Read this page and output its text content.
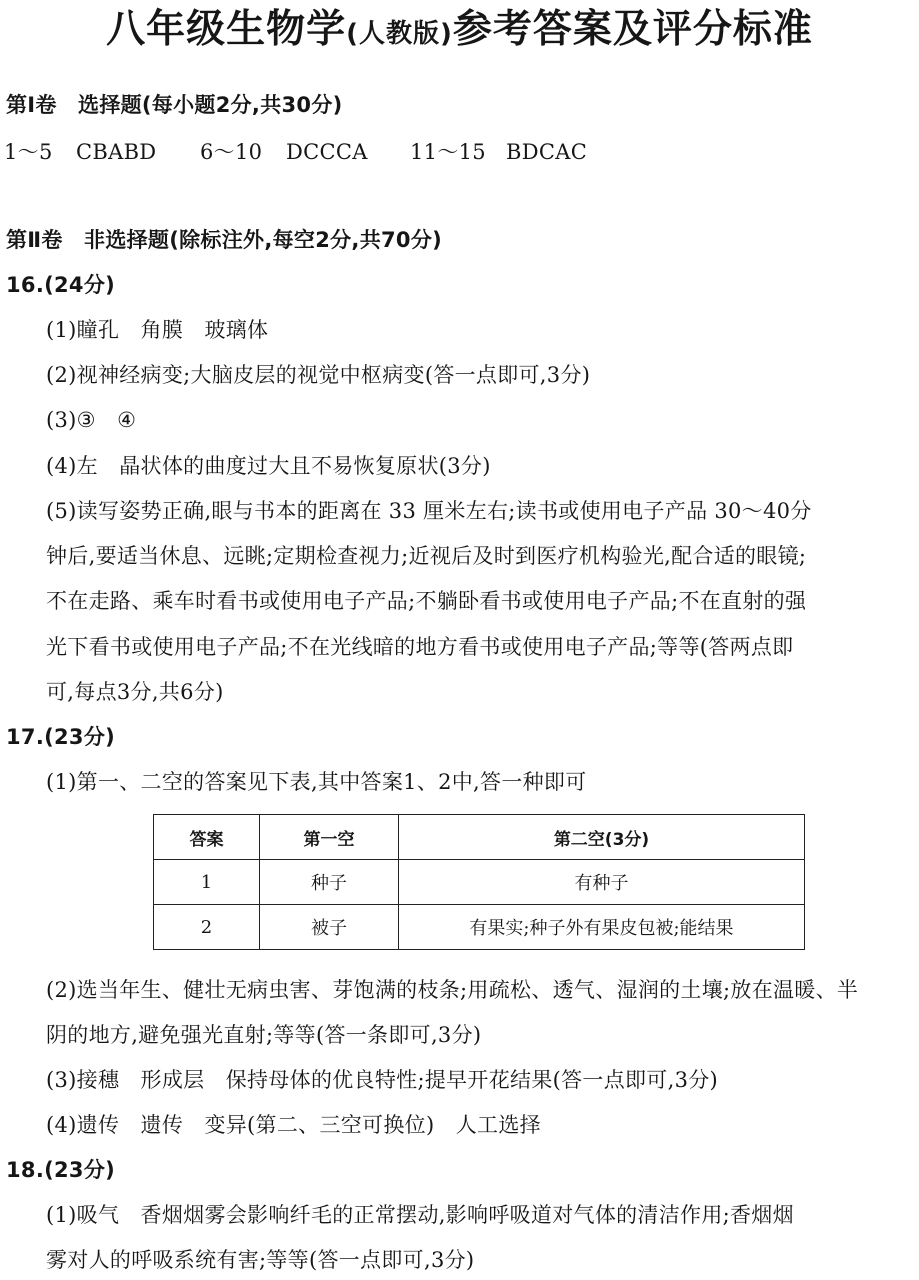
八年级生物学(人教版)参考答案及评分标准
第Ⅰ卷　选择题(每小题2分,共30分)
1～5 CBABD 6～10 DCCCA 11～15 BDCAC
第Ⅱ卷　非选择题(除标注外,每空2分,共70分)
16.(24分)
(1)瞳孔　角膜　玻璃体
(2)视神经病变;大脑皮层的视觉中枢病变(答一点即可,3分)
(3)③　④
(4)左　晶状体的曲度过大且不易恢复原状(3分)
(5)读写姿势正确,眼与书本的距离在 33 厘米左右;读书或使用电子产品 30～40分
钟后,要适当休息、远眺;定期检查视力;近视后及时到医疗机构验光,配合适的眼镜;
不在走路、乘车时看书或使用电子产品;不躺卧看书或使用电子产品;不在直射的强
光下看书或使用电子产品;不在光线暗的地方看书或使用电子产品;等等(答两点即
可,每点3分,共6分)
17.(23分)
(1)第一、二空的答案见下表,其中答案1、2中,答一种即可
答案	第一空	第二空(3分)
1	种子	有种子
2	被子	有果实;种子外有果皮包被;能结果
(2)选当年生、健壮无病虫害、芽饱满的枝条;用疏松、透气、湿润的土壤;放在温暖、半
阴的地方,避免强光直射;等等(答一条即可,3分)
(3)接穗　形成层　保持母体的优良特性;提早开花结果(答一点即可,3分)
(4)遗传　遗传　变异(第二、三空可换位)　人工选择
18.(23分)
(1)吸气　香烟烟雾会影响纤毛的正常摆动,影响呼吸道对气体的清洁作用;香烟烟
雾对人的呼吸系统有害;等等(答一点即可,3分)
